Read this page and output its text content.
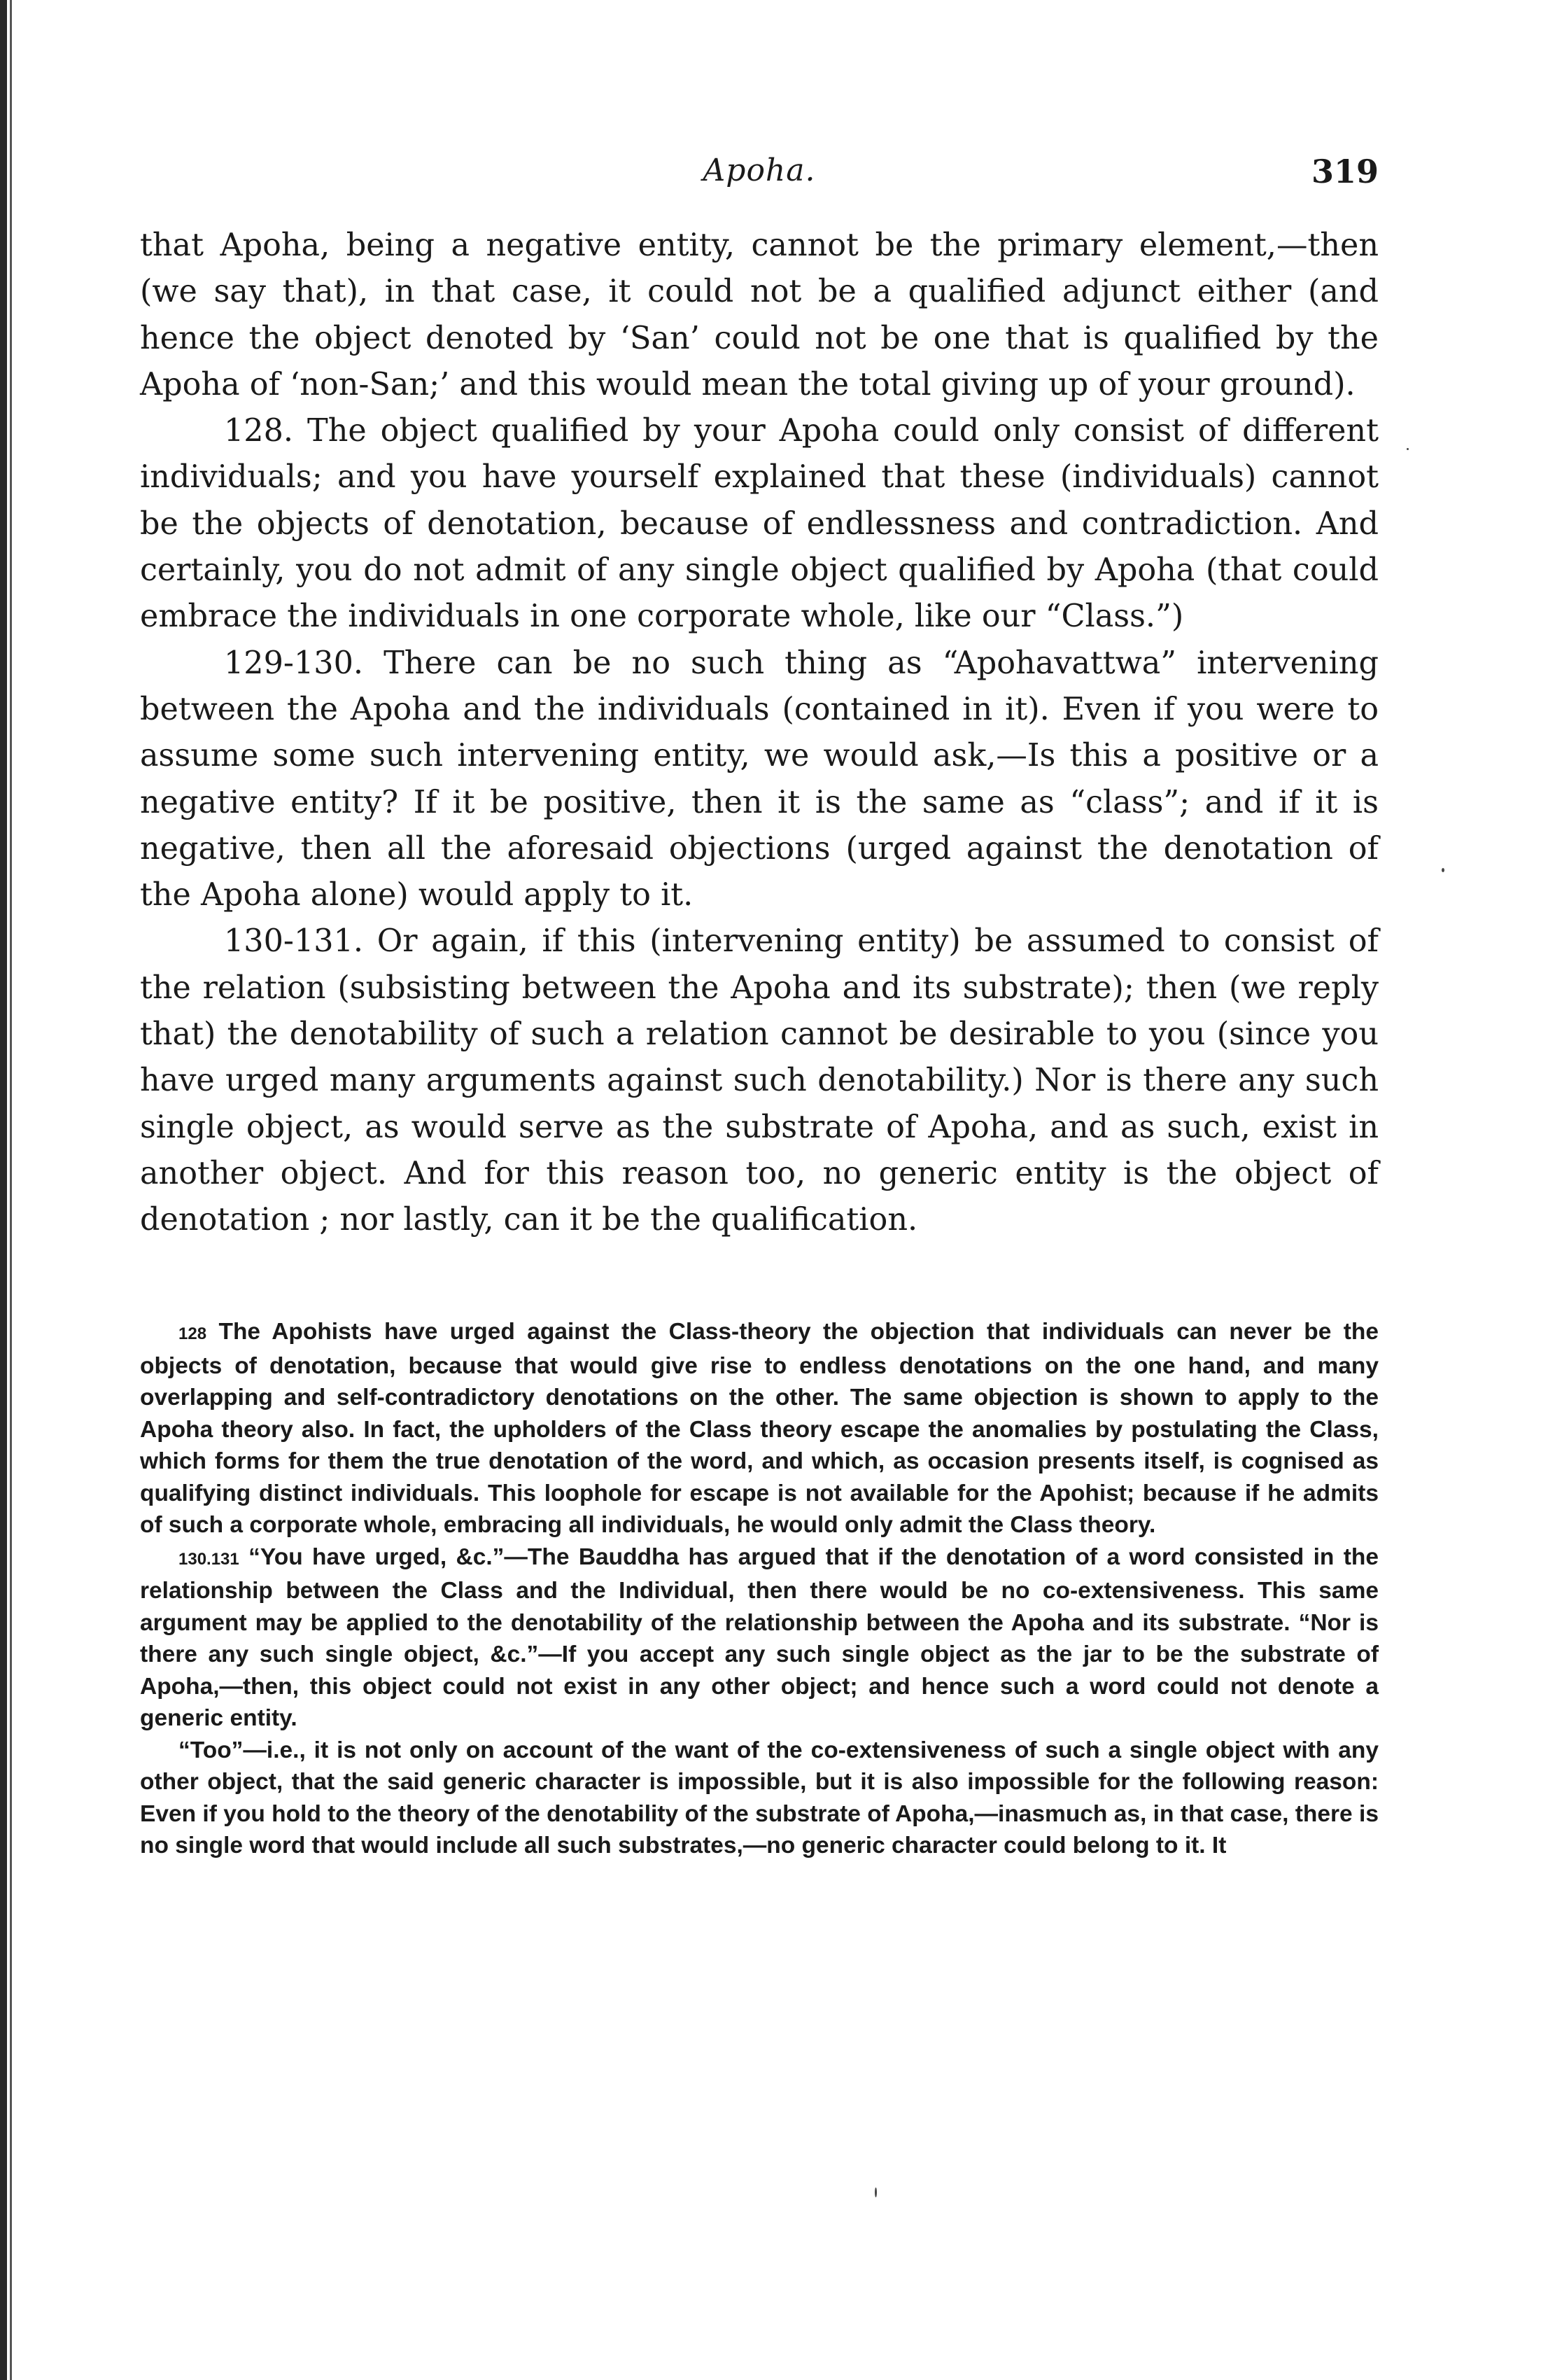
Apoha.	319

that Apoha, being a negative entity, cannot be the primary element,—then (we say that), in that case, it could not be a qualified adjunct either (and hence the object denoted by ‘San’ could not be one that is qualified by the Apoha of ‘non-San;’ and this would mean the total giving up of your ground).

128. The object qualified by your Apoha could only consist of different individuals; and you have yourself explained that these (individuals) cannot be the objects of denotation, because of endlessness and contradiction. And certainly, you do not admit of any single object qualified by Apoha (that could embrace the individuals in one corporate whole, like our “Class.”)

129-130. There can be no such thing as “Apohavattwa” intervening between the Apoha and the individuals (contained in it). Even if you were to assume some such intervening entity, we would ask,—Is this a positive or a negative entity? If it be positive, then it is the same as “class”; and if it is negative, then all the aforesaid objections (urged against the denotation of the Apoha alone) would apply to it.

130-131. Or again, if this (intervening entity) be assumed to consist of the relation (subsisting between the Apoha and its substrate); then (we reply that) the denotability of such a relation cannot be desirable to you (since you have urged many arguments against such denotability.) Nor is there any such single object, as would serve as the substrate of Apoha, and as such, exist in another object. And for this reason too, no generic entity is the object of denotation ; nor lastly, can it be the qualification.

128 The Apohists have urged against the Class-theory the objection that individuals can never be the objects of denotation, because that would give rise to endless denotations on the one hand, and many overlapping and self-contradictory denotations on the other. The same objection is shown to apply to the Apoha theory also. In fact, the upholders of the Class theory escape the anomalies by postulating the Class, which forms for them the true denotation of the word, and which, as occasion presents itself, is cognised as qualifying distinct individuals. This loophole for escape is not available for the Apohist; because if he admits of such a corporate whole, embracing all individuals, he would only admit the Class theory.

130.131 “You have urged, &c.”—The Bauddha has argued that if the denotation of a word consisted in the relationship between the Class and the Individual, then there would be no co-extensiveness. This same argument may be applied to the denotability of the relationship between the Apoha and its substrate. “Nor is there any such single object, &c.”—If you accept any such single object as the jar to be the substrate of Apoha,—then, this object could not exist in any other object; and hence such a word could not denote a generic entity.

“Too”—i.e., it is not only on account of the want of the co-extensiveness of such a single object with any other object, that the said generic character is impossible, but it is also impossible for the following reason: Even if you hold to the theory of the denotability of the substrate of Apoha,—inasmuch as, in that case, there is no single word that would include all such substrates,—no generic character could belong to it. It
